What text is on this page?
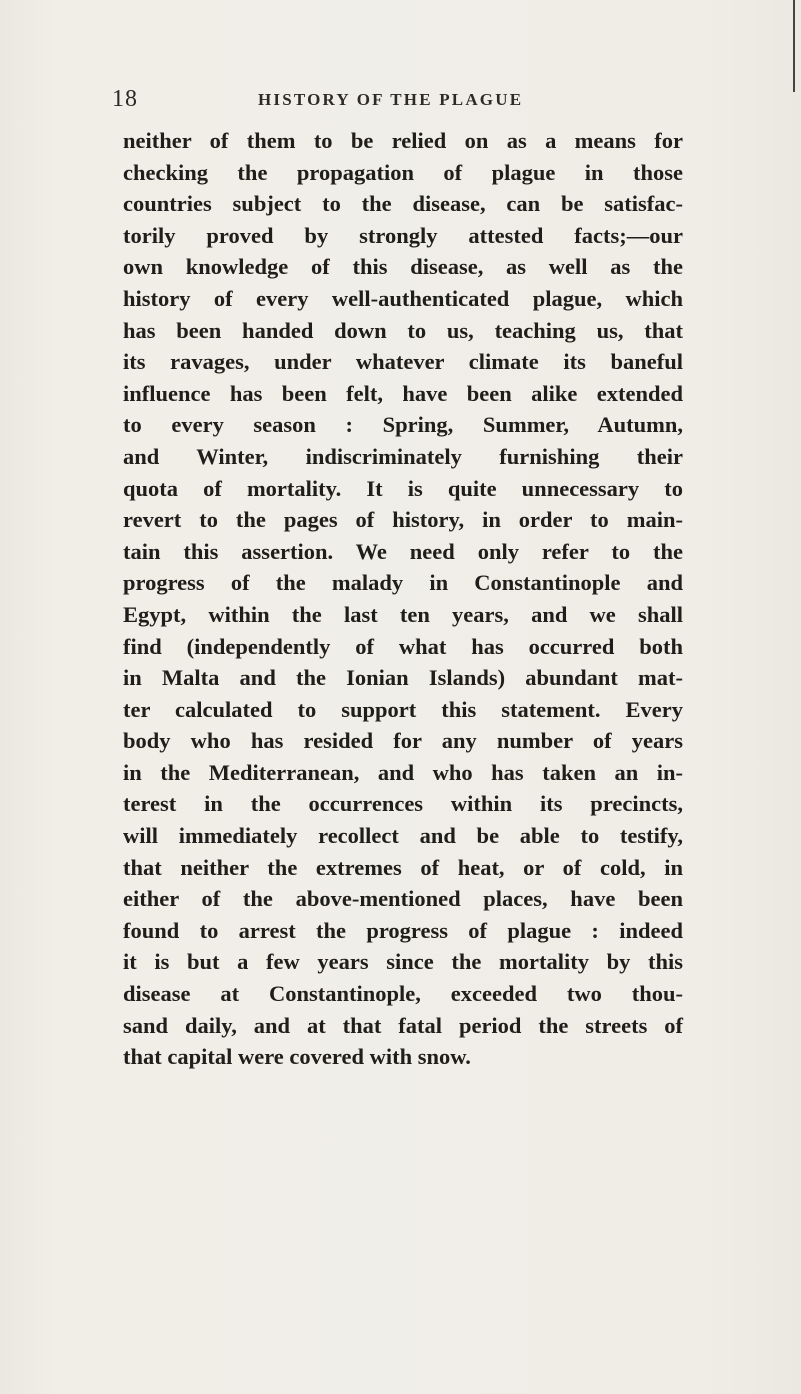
18	HISTORY OF THE PLAGUE
neither of them to be relied on as a means for
checking the propagation of plague in those
countries subject to the disease, can be satisfac-
torily proved by strongly attested facts;—our
own knowledge of this disease, as well as the
history of every well-authenticated plague, which
has been handed down to us, teaching us, that
its ravages, under whatever climate its baneful
influence has been felt, have been alike extended
to every season : Spring, Summer, Autumn,
and Winter, indiscriminately furnishing their
quota of mortality. It is quite unnecessary to
revert to the pages of history, in order to main-
tain this assertion. We need only refer to the
progress of the malady in Constantinople and
Egypt, within the last ten years, and we shall
find (independently of what has occurred both
in Malta and the Ionian Islands) abundant mat-
ter calculated to support this statement. Every
body who has resided for any number of years
in the Mediterranean, and who has taken an in-
terest in the occurrences within its precincts,
will immediately recollect and be able to testify,
that neither the extremes of heat, or of cold, in
either of the above-mentioned places, have been
found to arrest the progress of plague : indeed
it is but a few years since the mortality by this
disease at Constantinople, exceeded two thou-
sand daily, and at that fatal period the streets of
that capital were covered with snow.
